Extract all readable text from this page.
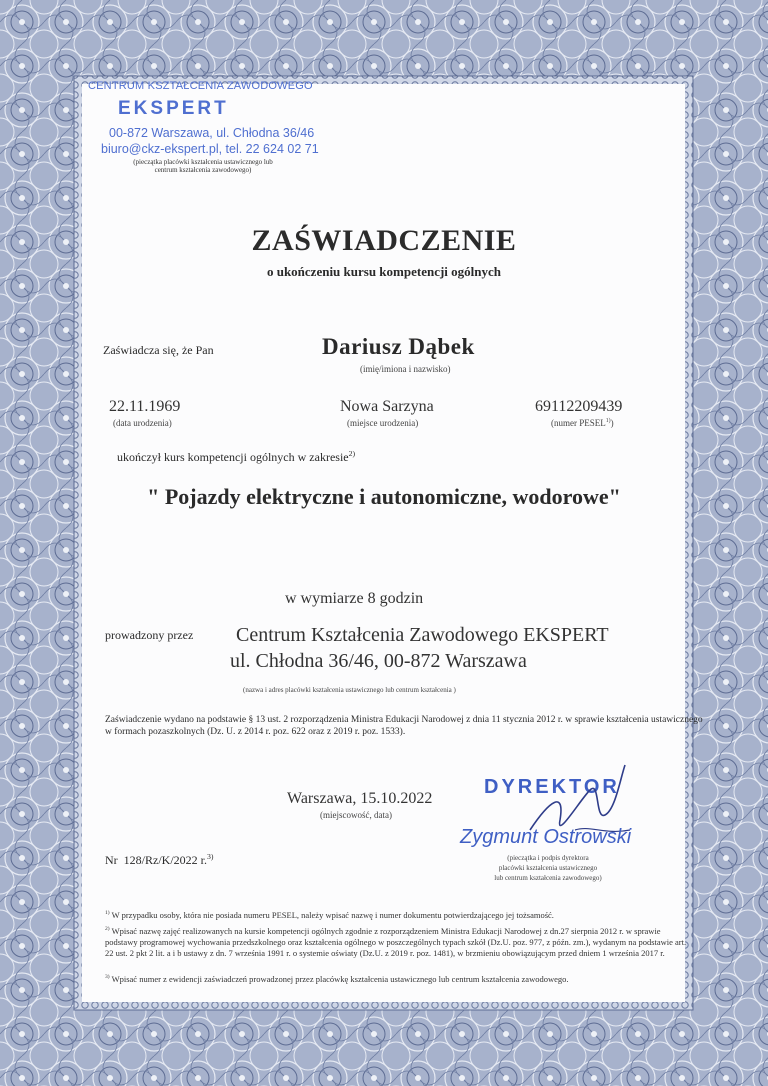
CENTRUM KSZTAŁCENIA ZAWODOWEGO
EKSPERT
00-872 Warszawa, ul. Chłodna 36/46
biuro@ckz-ekspert.pl, tel. 22 624 02 71
(pieczątka placówki kształcenia ustawicznego lub centrum kształcenia zawodowego)
ZAŚWIADCZENIE
o ukończeniu kursu kompetencji ogólnych
Zaświadcza się, że Pan	Dariusz Dąbek
(imię/imiona i nazwisko)
22.11.1969
(data urodzenia)
Nowa Sarzyna
(miejsce urodzenia)
69112209439
(numer PESEL$^{1)}$)
ukończył kurs kompetencji ogólnych w zakresie$^{2)}$
" Pojazdy elektryczne i autonomiczne, wodorowe"
w wymiarze 8 godzin
prowadzony przez Centrum Kształcenia Zawodowego EKSPERT
ul. Chłodna 36/46, 00-872 Warszawa
(nazwa i adres placówki kształcenia ustawicznego lub centrum kształcenia )
Zaświadczenie wydano na podstawie § 13 ust. 2 rozporządzenia Ministra Edukacji Narodowej z dnia 11 stycznia 2012 r. w sprawie kształcenia ustawicznego w formach pozaszkolnych (Dz. U. z 2014 r. poz. 622 oraz z 2019 r. poz. 1533).
Warszawa, 15.10.2022
(miejscowość, data)
Nr 128/Rz/K/2022 r.$^{3)}$
DYREKTOR
Zygmunt Ostrowski
(pieczątka i podpis dyrektora
placówki kształcenia ustawicznego
lub centrum kształcenia zawodowego)
$^{1)}$ W przypadku osoby, która nie posiada numeru PESEL, należy wpisać nazwę i numer dokumentu potwierdzającego jej tożsamość.
$^{2)}$ Wpisać nazwę zajęć realizowanych na kursie kompetencji ogólnych zgodnie z rozporządzeniem Ministra Edukacji Narodowej z dn.27 sierpnia 2012 r. w sprawie podstawy programowej wychowania przedszkolnego oraz kształcenia ogólnego w poszczególnych typach szkół (Dz.U. poz. 977, z późn. zm.), wydanym na podstawie art. 22 ust. 2 pkt 2 lit. a i b ustawy z dn. 7 września 1991 r. o systemie oświaty (Dz.U. z 2019 r. poz. 1481), w brzmieniu obowiązującym przed dniem 1 września 2017 r.
$^{3)}$ Wpisać numer z ewidencji zaświadczeń prowadzonej przez placówkę kształcenia ustawicznego lub centrum kształcenia zawodowego.
